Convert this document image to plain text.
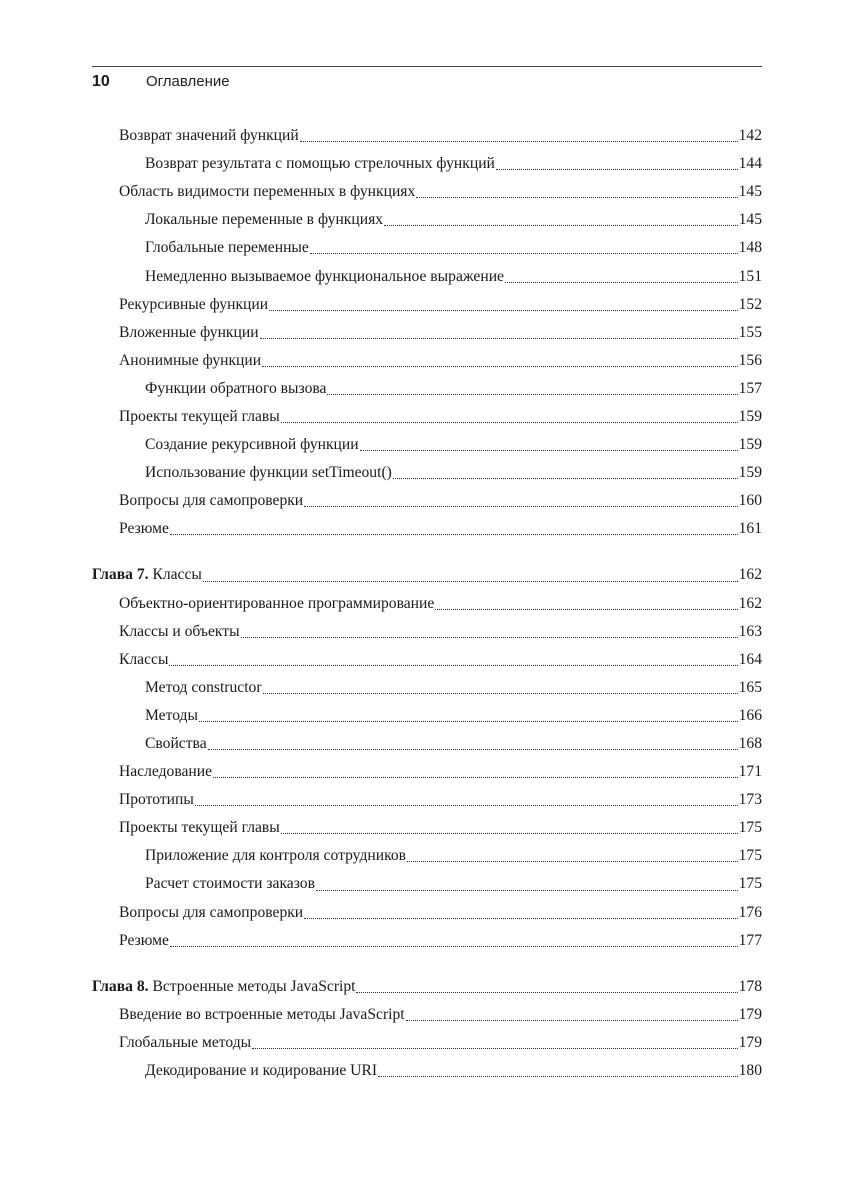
10	Оглавление
Возврат значений функций	142
Возврат результата с помощью стрелочных функций	144
Область видимости переменных в функциях	145
Локальные переменные в функциях	145
Глобальные переменные	148
Немедленно вызываемое функциональное выражение	151
Рекурсивные функции	152
Вложенные функции	155
Анонимные функции	156
Функции обратного вызова	157
Проекты текущей главы	159
Создание рекурсивной функции	159
Использование функции setTimeout()	159
Вопросы для самопроверки	160
Резюме	161
Глава 7. Классы	162
Объектно-ориентированное программирование	162
Классы и объекты	163
Классы	164
Метод constructor	165
Методы	166
Свойства	168
Наследование	171
Прототипы	173
Проекты текущей главы	175
Приложение для контроля сотрудников	175
Расчет стоимости заказов	175
Вопросы для самопроверки	176
Резюме	177
Глава 8. Встроенные методы JavaScript	178
Введение во встроенные методы JavaScript	179
Глобальные методы	179
Декодирование и кодирование URI	180
